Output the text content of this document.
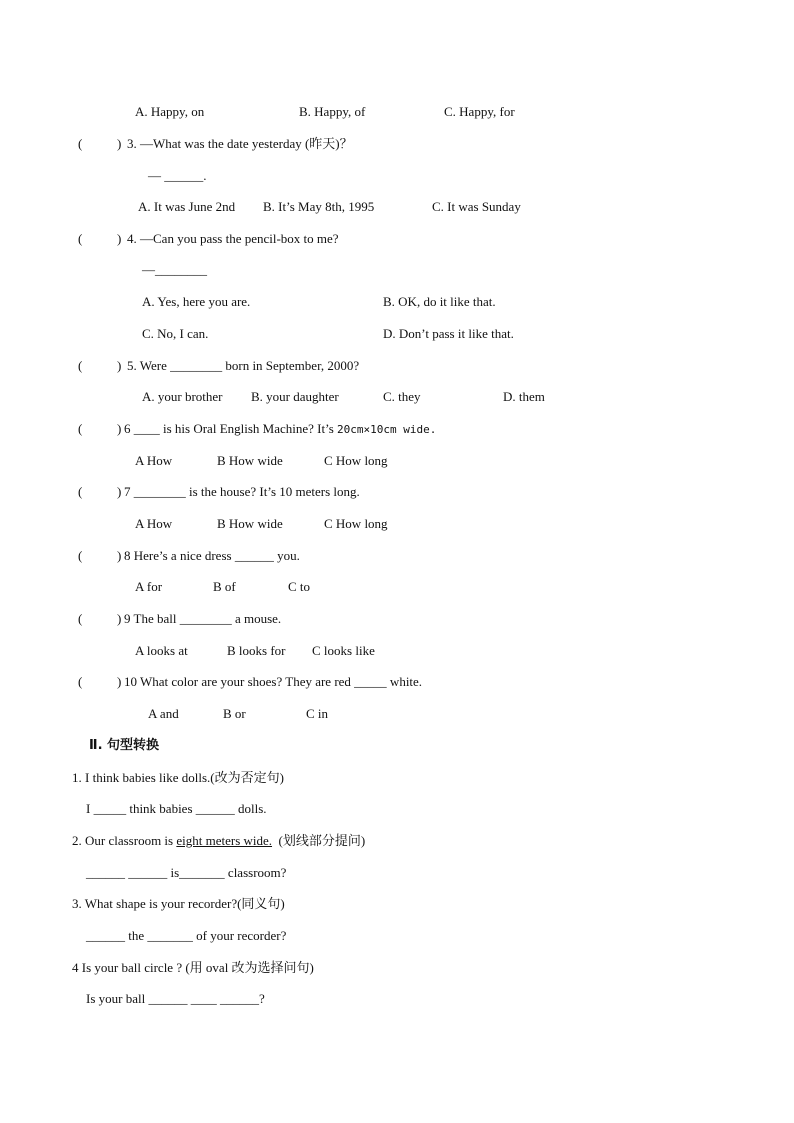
A. Happy, on	B. Happy, of	C. Happy, for
(	) 3. —What was the date yesterday (昨天)？
— ______.
A. It was June 2nd B. It’s May 8th, 1995	C. It was Sunday
(	) 4. —Can you pass the pencil-box to me?
—________
A. Yes, here you are.	B. OK, do it like that.
C. No, I can.	D. Don’t pass it like that.
(	) 5. Were ________ born in September, 2000?
A. your brother B. your daughter	C. they	D. them
(	) 6 ____ is his Oral English Machine? It’s 20cm×10cm wide.
A How	B How wide	C How long
(	) 7 ________ is the house? It’s 10 meters long.
A How	B How wide	C How long
(	) 8 Here’s a nice dress ______ you.
A for	B of	C to
(	) 9 The ball ________ a mouse.
A looks at	B looks for C looks like
(	) 10 What color are your shoes? They are red _____ white.
A and	B or	C in
Ⅱ. 句型转换
1. I think babies like dolls.(改为否定句)
I _____ think babies ______ dolls.
2. Our classroom is eight meters wide.  (划线部分提问)
______ ______ is_______ classroom?
3. What shape is your recorder?(同义句)
______ the _______ of your recorder?
4 Is your ball circle ? (用 oval 改为选择问句)
Is your ball ______ ____ ______?
